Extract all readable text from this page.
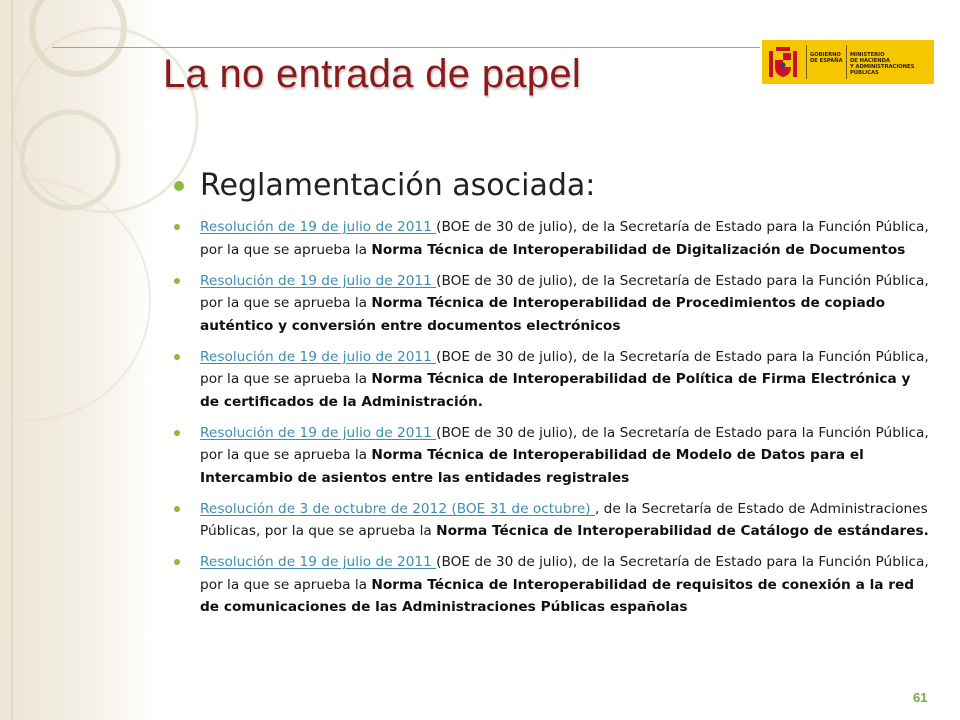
GOBIERNO
DE ESPAÑA
MINISTERIO
DE HACIENDA
Y ADMINISTRACIONES PÚBLICAS
La no entrada de papel
Reglamentación asociada:
Resolución de 19 de julio de 2011 (BOE de 30 de julio), de la Secretaría de Estado para la Función Pública, por la que se aprueba la Norma Técnica de Interoperabilidad de Digitalización de Documentos
Resolución de 19 de julio de 2011 (BOE de 30 de julio), de la Secretaría de Estado para la Función Pública, por la que se aprueba la Norma Técnica de Interoperabilidad de Procedimientos de copiado auténtico y conversión entre documentos electrónicos
Resolución de 19 de julio de 2011 (BOE de 30 de julio), de la Secretaría de Estado para la Función Pública, por la que se aprueba la Norma Técnica de Interoperabilidad de Política de Firma Electrónica y de certificados de la Administración.
Resolución de 19 de julio de 2011 (BOE de 30 de julio), de la Secretaría de Estado para la Función Pública, por la que se aprueba la Norma Técnica de Interoperabilidad de Modelo de Datos para el Intercambio de asientos entre las entidades registrales
Resolución de 3 de octubre de 2012 (BOE 31 de octubre) , de la Secretaría de Estado de Administraciones Públicas, por la que se aprueba la Norma Técnica de Interoperabilidad de Catálogo de estándares.
Resolución de 19 de julio de 2011 (BOE de 30 de julio), de la Secretaría de Estado para la Función Pública, por la que se aprueba la Norma Técnica de Interoperabilidad de requisitos de conexión a la red de comunicaciones de las Administraciones Públicas españolas
61
